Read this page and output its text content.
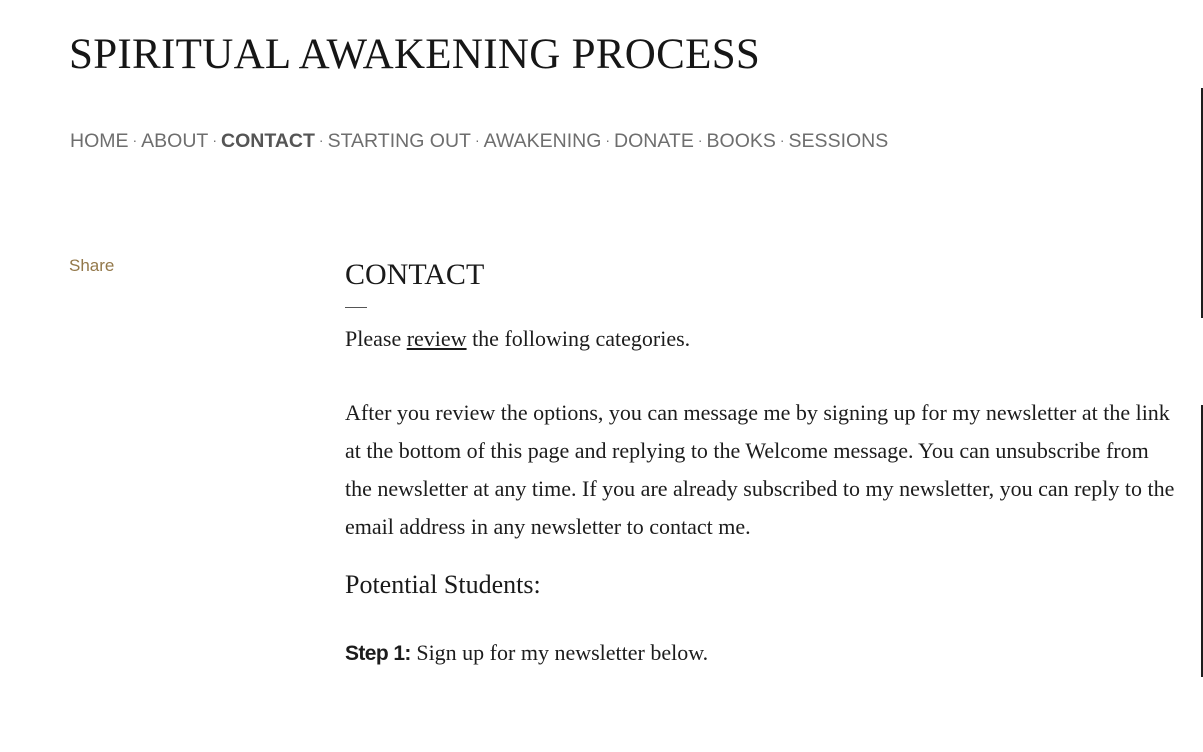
SPIRITUAL AWAKENING PROCESS
HOME · ABOUT · CONTACT · STARTING OUT · AWAKENING · DONATE · BOOKS · SESSIONS
Share	CONTACT

Please review the following categories.

After you review the options, you can message me by signing up for my newsletter at the link at the bottom of this page and replying to the Welcome message. You can unsubscribe from the newsletter at any time. If you are already subscribed to my newsletter, you can reply to the email address in any newsletter to contact me.

Potential Students:

Step 1: Sign up for my newsletter below.
